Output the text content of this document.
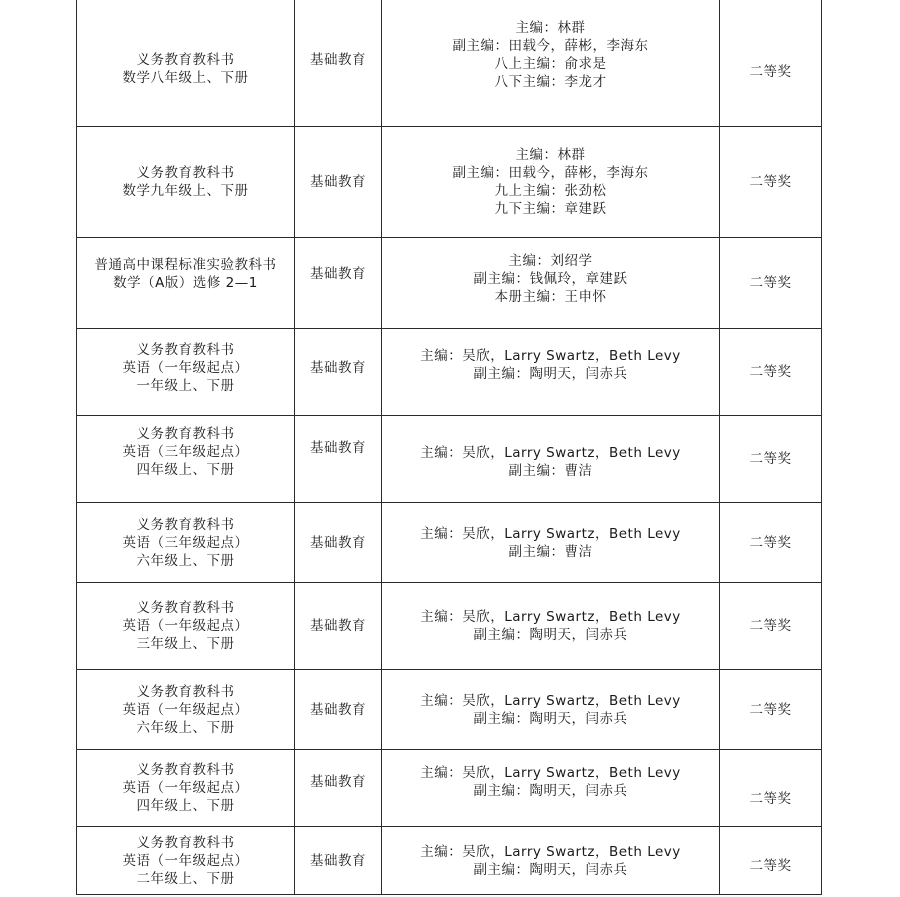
义务教育教科书
数学八年级上、下册	基础教育	主编：林群
副主编：田载今，薛彬，李海东
八上主编：俞求是
八下主编：李龙才	二等奖

义务教育教科书
数学九年级上、下册	基础教育	主编：林群
副主编：田载今，薛彬，李海东
九上主编：张劲松
九下主编：章建跃	二等奖

普通高中课程标准实验教科书
数学（A版）选修 2—1	基础教育	主编：刘绍学
副主编：钱佩玲，章建跃
本册主编：王申怀	二等奖

义务教育教科书
英语（一年级起点）
一年级上、下册	基础教育	主编：吴欣，Larry Swartz，Beth Levy
副主编：陶明天，闫赤兵	二等奖

义务教育教科书
英语（三年级起点）
四年级上、下册	基础教育	主编：吴欣，Larry Swartz，Beth Levy
副主编：曹洁	二等奖

义务教育教科书
英语（三年级起点）
六年级上、下册	基础教育	主编：吴欣，Larry Swartz，Beth Levy
副主编：曹洁	二等奖

义务教育教科书
英语（一年级起点）
三年级上、下册	基础教育	主编：吴欣，Larry Swartz，Beth Levy
副主编：陶明天，闫赤兵	二等奖

义务教育教科书
英语（一年级起点）
六年级上、下册	基础教育	主编：吴欣，Larry Swartz，Beth Levy
副主编：陶明天，闫赤兵	二等奖

义务教育教科书
英语（一年级起点）
四年级上、下册	基础教育	主编：吴欣，Larry Swartz，Beth Levy
副主编：陶明天，闫赤兵	二等奖

义务教育教科书
英语（一年级起点）
二年级上、下册	基础教育	主编：吴欣，Larry Swartz，Beth Levy
副主编：陶明天，闫赤兵	二等奖
